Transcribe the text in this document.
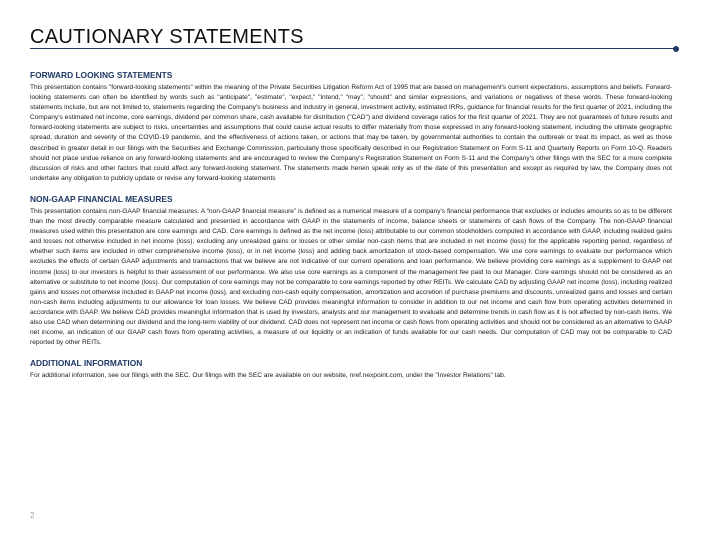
CAUTIONARY STATEMENTS
FORWARD LOOKING STATEMENTS

This presentation contains "forward-looking statements" within the meaning of the Private Securities Litigation Reform Act of 1995 that are based on management's current expectations, assumptions and beliefs. Forward-looking statements can often be identified by words such as "anticipate", "estimate", "expect," "intend," "may", "should" and similar expressions, and variations or negatives of these words. These forward-looking statements include, but are not limited to, statements regarding the Company's business and industry in general, investment activity, estimated IRRs, guidance for financial results for the first quarter of 2021, including the Company's estimated net income, core earnings, dividend per common share, cash available for distribution ("CAD") and dividend coverage ratios for the first quarter of 2021. They are not guarantees of future results and forward-looking statements are subject to risks, uncertainties and assumptions that could cause actual results to differ materially from those expressed in any forward-looking statement, including the ultimate geographic spread, duration and severity of the COVID-19 pandemic, and the effectiveness of actions taken, or actions that may be taken, by governmental authorities to contain the outbreak or treat its impact, as well as those described in greater detail in our filings with the Securities and Exchange Commission, particularly those specifically described in our Registration Statement on Form S-11 and Quarterly Reports on Form 10-Q. Readers should not place undue reliance on any forward-looking statements and are encouraged to review the Company's Registration Statement on Form S-11 and the Company's other filings with the SEC for a more complete discussion of risks and other factors that could affect any forward-looking statement. The statements made herein speak only as of the date of this presentation and except as required by law, the Company does not undertake any obligation to publicly update or revise any forward-looking statements

NON-GAAP FINANCIAL MEASURES

This presentation contains non-GAAP financial measures. A “non-GAAP financial measure” is defined as a numerical measure of a company's financial performance that excludes or includes amounts so as to be different than the most directly comparable measure calculated and presented in accordance with GAAP in the statements of income, balance sheets or statements of cash flows of the Company. The non-GAAP financial measures used within this presentation are core earnings and CAD. Core earnings is defined as the net income (loss) attributable to our common stockholders computed in accordance with GAAP, including realized gains and losses not otherwise included in net income (loss), excluding any unrealized gains or losses or other similar non-cash items that are included in net income (loss) for the applicable reporting period, regardless of whether such items are included in other comprehensive income (loss), or in net income (loss) and adding back amortization of stock-based compensation. We use core earnings to evaluate our performance which excludes the effects of certain GAAP adjustments and transactions that we believe are not indicative of our current operations and loan performance. We believe providing core earnings as a supplement to GAAP net income (loss) to our investors is helpful to their assessment of our performance. We also use core earnings as a component of the management fee paid to our Manager. Core earnings should not be considered as an alternative or substitute to net income (loss). Our computation of core earnings may not be comparable to core earnings reported by other REITs. We calculate CAD by adjusting GAAP net income (loss), including realized gains and losses not otherwise included in GAAP net income (loss), and excluding non-cash equity compensation, amortization and accretion of purchase premiums and discounts, unrealized gains and losses and certain non-cash items including adjustments to our allowance for loan losses. We believe CAD provides meaningful information to consider in addition to our net income and cash flow from operating activities determined in accordance with GAAP. We believe CAD provides meaningful information that is used by investors, analysts and our management to evaluate and determine trends in cash flow as it is not affected by non-cash items. We also use CAD when determining our dividend and the long-term viability of our dividend. CAD does not represent net income or cash flows from operating activities and should not be considered as an alternative to GAAP net income, an indication of our GAAP cash flows from operating activities, a measure of our liquidity or an indication of funds available for our cash needs. Our computation of CAD may not be comparable to CAD reported by other REITs.

ADDITIONAL INFORMATION

For additional information, see our filings with the SEC. Our filings with the SEC are available on our website, nref.nexpoint.com, under the "Investor Relations" tab.

2
